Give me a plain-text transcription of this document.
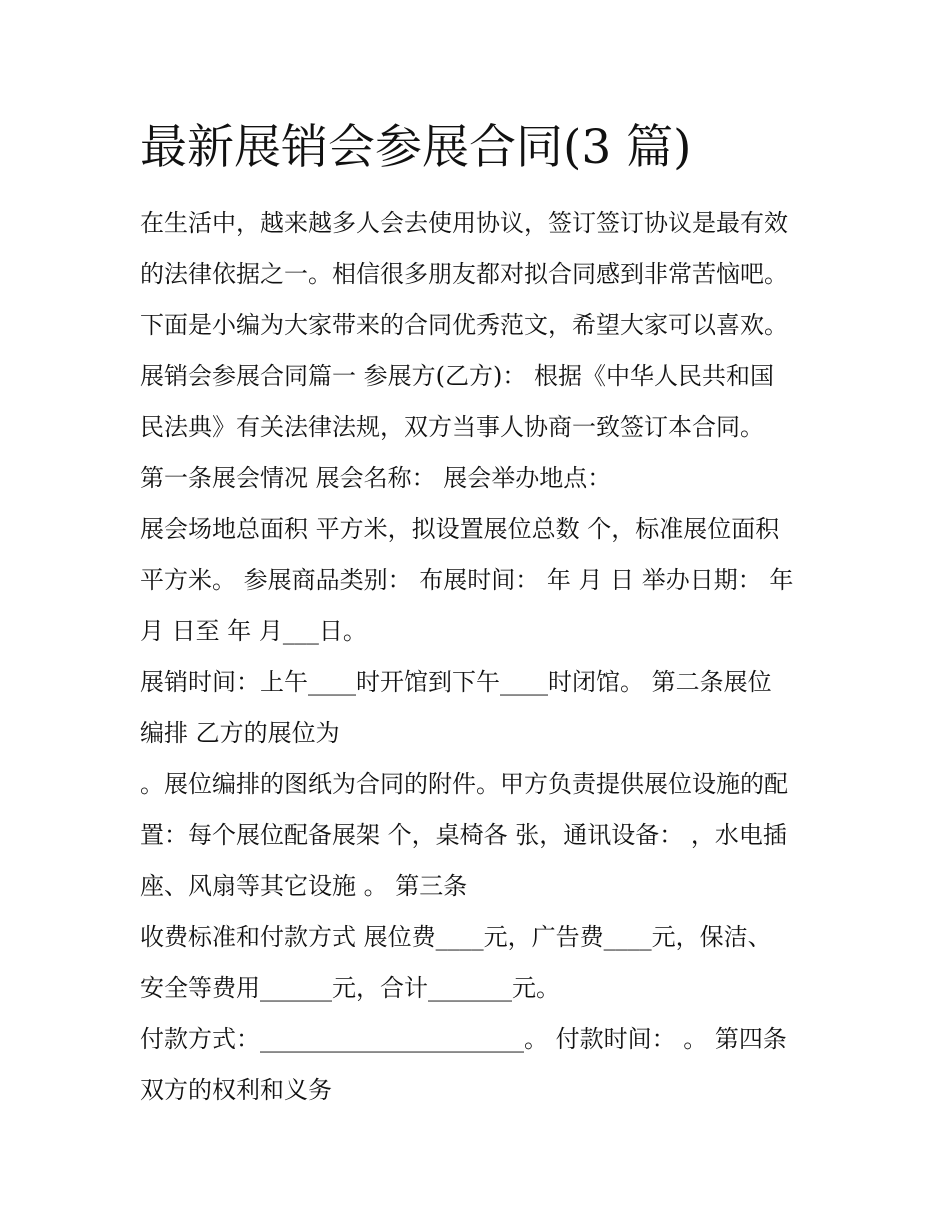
最新展销会参展合同(3 篇)
在生活中，越来越多人会去使用协议，签订签订协议是最有效
的法律依据之一。相信很多朋友都对拟合同感到非常苦恼吧。
下面是小编为大家带来的合同优秀范文，希望大家可以喜欢。
展销会参展合同篇一 参展方(乙方)： 根据《中华人民共和国
民法典》有关法律法规，双方当事人协商一致签订本合同。
第一条展会情况 展会名称： 展会举办地点：
展会场地总面积 平方米，拟设置展位总数 个，标准展位面积
平方米。 参展商品类别： 布展时间： 年 月 日 举办日期： 年
月 日至 年 月___日。
展销时间：上午____时开馆到下午____时闭馆。 第二条展位
编排 乙方的展位为
。展位编排的图纸为合同的附件。甲方负责提供展位设施的配
置：每个展位配备展架 个，桌椅各 张，通讯设备： ，水电插
座、风扇等其它设施 。 第三条
收费标准和付款方式 展位费____元，广告费____元，保洁、
安全等费用______元，合计_______元。
付款方式：______________________。 付款时间： 。 第四条
双方的权利和义务
